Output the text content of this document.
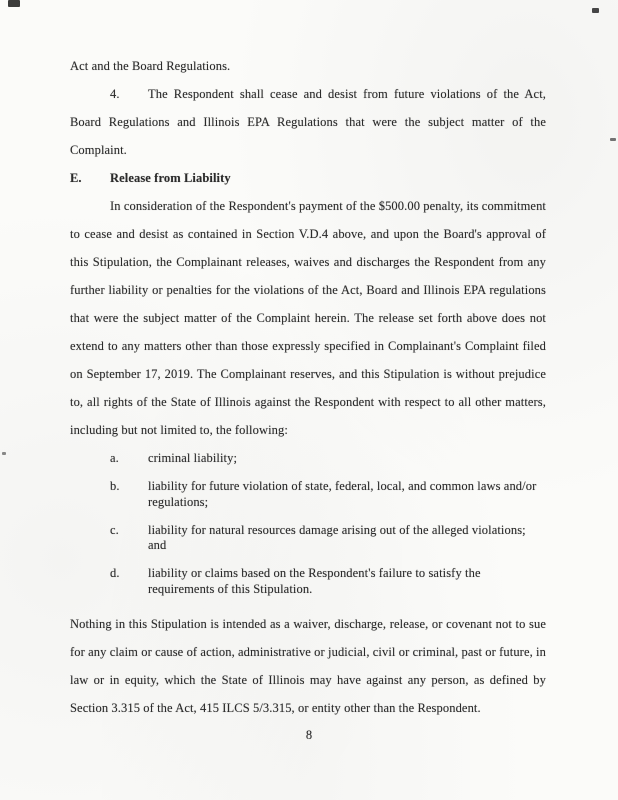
Act and the Board Regulations.

4. The Respondent shall cease and desist from future violations of the Act, Board Regulations and Illinois EPA Regulations that were the subject matter of the Complaint.

E. Release from Liability

In consideration of the Respondent's payment of the $500.00 penalty, its commitment to cease and desist as contained in Section V.D.4 above, and upon the Board's approval of this Stipulation, the Complainant releases, waives and discharges the Respondent from any further liability or penalties for the violations of the Act, Board and Illinois EPA regulations that were the subject matter of the Complaint herein. The release set forth above does not extend to any matters other than those expressly specified in Complainant's Complaint filed on September 17, 2019. The Complainant reserves, and this Stipulation is without prejudice to, all rights of the State of Illinois against the Respondent with respect to all other matters, including but not limited to, the following:

a. criminal liability;
b. liability for future violation of state, federal, local, and common laws and/or regulations;
c. liability for natural resources damage arising out of the alleged violations; and
d. liability or claims based on the Respondent's failure to satisfy the requirements of this Stipulation.

Nothing in this Stipulation is intended as a waiver, discharge, release, or covenant not to sue for any claim or cause of action, administrative or judicial, civil or criminal, past or future, in law or in equity, which the State of Illinois may have against any person, as defined by Section 3.315 of the Act, 415 ILCS 5/3.315, or entity other than the Respondent.

8
